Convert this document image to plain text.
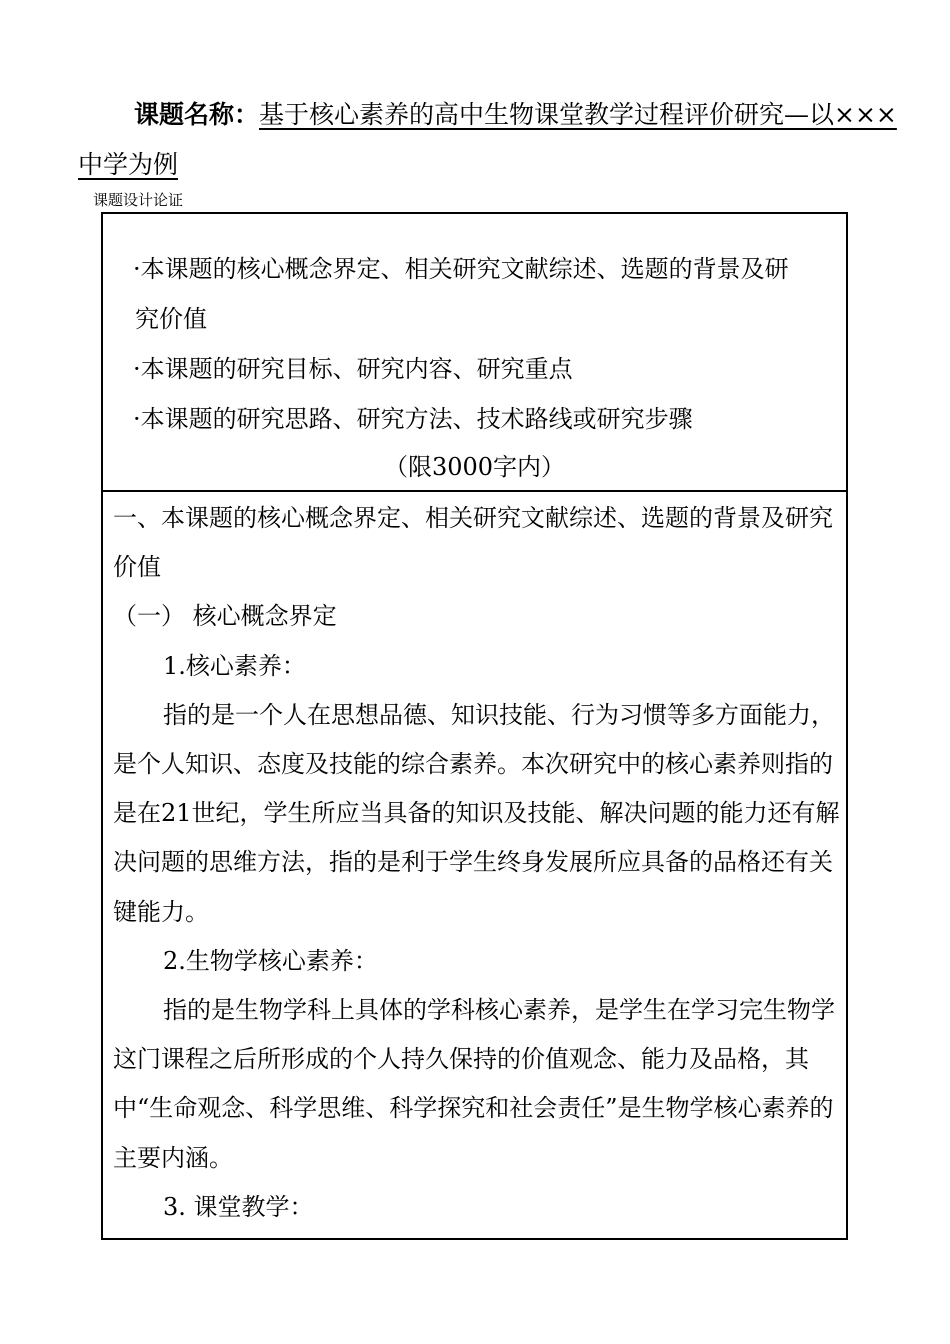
课题名称：基于核心素养的高中生物课堂教学过程评价研究—以×××中学为例
课题设计论证
·本课题的核心概念界定、相关研究文献综述、选题的背景及研
究价值
·本课题的研究目标、研究内容、研究重点
·本课题的研究思路、研究方法、技术路线或研究步骤
（限3000字内）

一、本课题的核心概念界定、相关研究文献综述、选题的背景及研究价值

（一） 核心概念界定

1.核心素养：

指的是一个人在思想品德、知识技能、行为习惯等多方面能力，是个人知识、态度及技能的综合素养。本次研究中的核心素养则指的是在21世纪，学生所应当具备的知识及技能、解决问题的能力还有解决问题的思维方法，指的是利于学生终身发展所应具备的品格还有关键能力。

2.生物学核心素养：

指的是生物学科上具体的学科核心素养，是学生在学习完生物学这门课程之后所形成的个人持久保持的价值观念、能力及品格，其中“生命观念、科学思维、科学探究和社会责任”是生物学核心素养的主要内涵。

3. 课堂教学：
